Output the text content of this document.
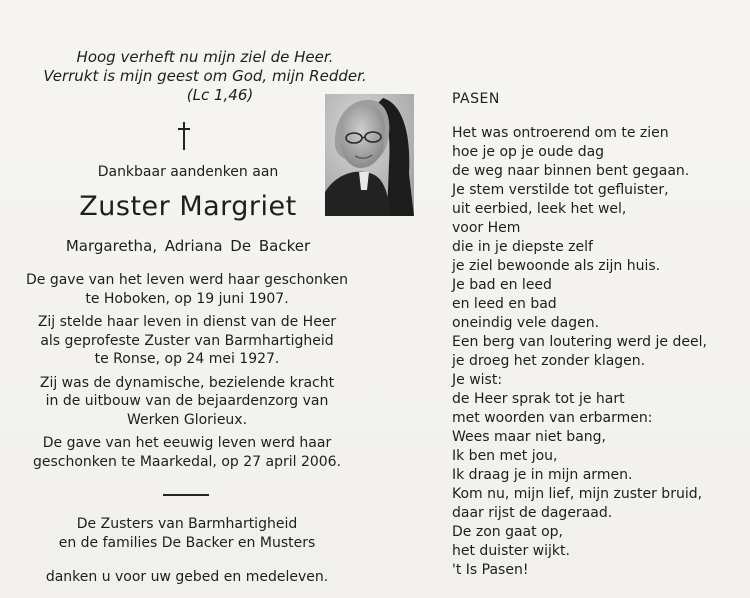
Hoog verheft nu mijn ziel de Heer.
Verrukt is mijn geest om God, mijn Redder.
(Lc 1,46)
Dankbaar aandenken aan
Zuster Margriet
Margaretha, Adriana De Backer

De gave van het leven werd haar geschonken
te Hoboken, op 19 juni 1907.

Zij stelde haar leven in dienst van de Heer
als geprofeste Zuster van Barmhartigheid
te Ronse, op 24 mei 1927.

Zij was de dynamische, bezielende kracht
in de uitbouw van de bejaardenzorg van
Werken Glorieux.

De gave van het eeuwig leven werd haar
geschonken te Maarkedal, op 27 april 2006.

De Zusters van Barmhartigheid
en de families De Backer en Musters
danken u voor uw gebed en medeleven.
PASEN
Het was ontroerend om te zien
hoe je op je oude dag
de weg naar binnen bent gegaan.
Je stem verstilde tot gefluister,
uit eerbied, leek het wel,
voor Hem
die in je diepste zelf
je ziel bewoonde als zijn huis.
Je bad en leed
en leed en bad
oneindig vele dagen.
Een berg van loutering werd je deel,
je droeg het zonder klagen.
Je wist:
de Heer sprak tot je hart
met woorden van erbarmen:
Wees maar niet bang,
Ik ben met jou,
Ik draag je in mijn armen.
Kom nu, mijn lief, mijn zuster bruid,
daar rijst de dageraad.
De zon gaat op,
het duister wijkt.
't Is Pasen!
